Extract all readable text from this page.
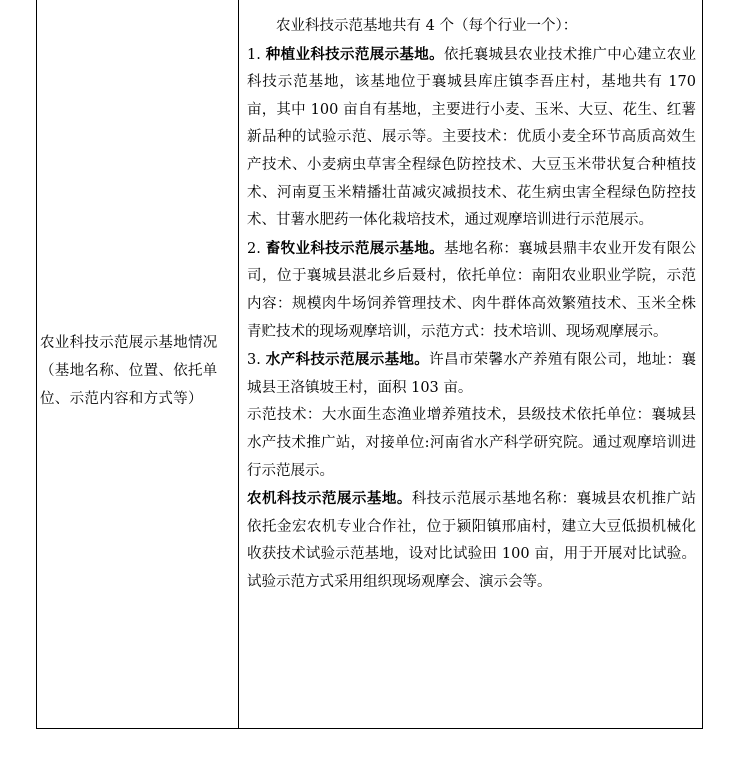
农业科技示范展示基地情况（基地名称、位置、依托单位、示范内容和方式等）

农业科技示范基地共有 4 个（每个行业一个）：

1. 种植业科技示范展示基地。依托襄城县农业技术推广中心建立农业科技示范基地，该基地位于襄城县库庄镇李吾庄村，基地共有 170 亩，其中 100 亩自有基地，主要进行小麦、玉米、大豆、花生、红薯新品种的试验示范、展示等。主要技术：优质小麦全环节高质高效生产技术、小麦病虫草害全程绿色防控技术、大豆玉米带状复合种植技术、河南夏玉米精播壮苗减灾减损技术、花生病虫害全程绿色防控技术、甘薯水肥药一体化栽培技术，通过观摩培训进行示范展示。

2. 畜牧业科技示范展示基地。基地名称：襄城县鼎丰农业开发有限公司，位于襄城县湛北乡后聂村，依托单位：南阳农业职业学院，示范内容：规模肉牛场饲养管理技术、肉牛群体高效繁殖技术、玉米全株青贮技术的现场观摩培训，示范方式：技术培训、现场观摩展示。

3. 水产科技示范展示基地。许昌市荣馨水产养殖有限公司，地址：襄城县王洛镇坡王村，面积 103 亩。

示范技术：大水面生态渔业增养殖技术，县级技术依托单位：襄城县水产技术推广站，对接单位:河南省水产科学研究院。通过观摩培训进行示范展示。

农机科技示范展示基地。科技示范展示基地名称：襄城县农机推广站依托金宏农机专业合作社，位于颍阳镇邢庙村，建立大豆低损机械化收获技术试验示范基地，设对比试验田 100 亩，用于开展对比试验。试验示范方式采用组织现场观摩会、演示会等。
